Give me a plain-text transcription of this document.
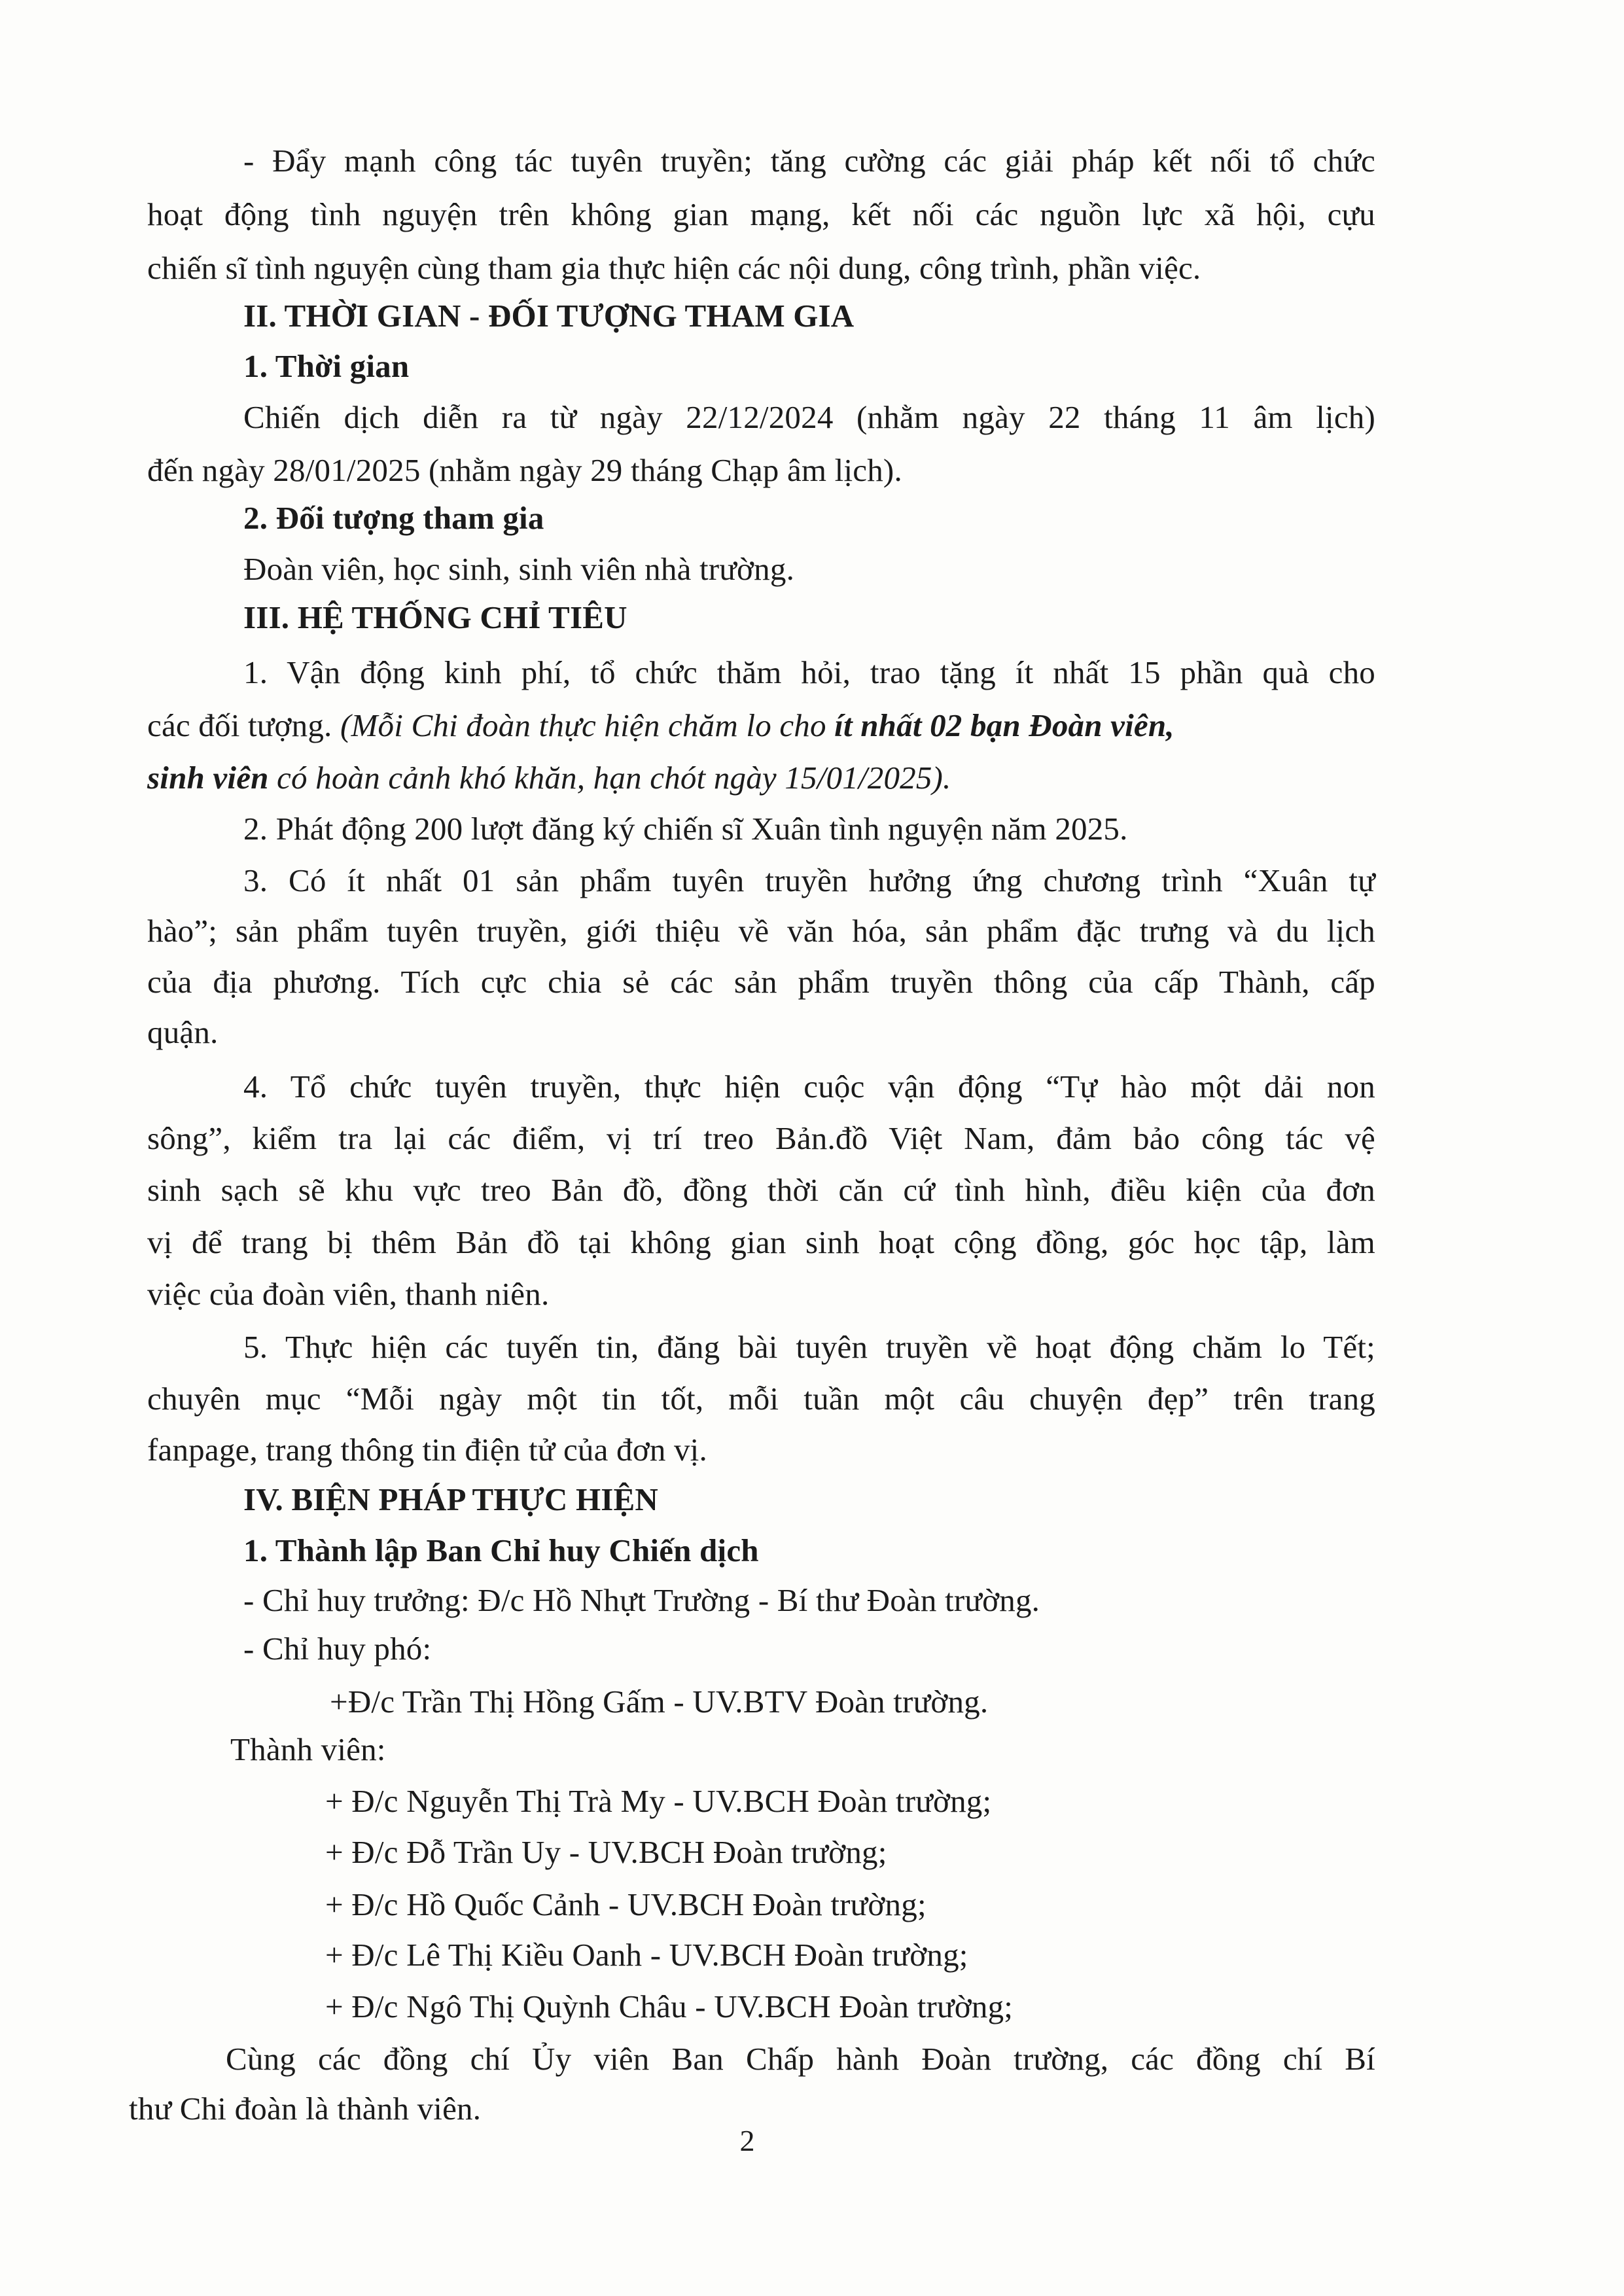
- Đẩy mạnh công tác tuyên truyền; tăng cường các giải pháp kết nối tổ chức
hoạt động tình nguyện trên không gian mạng, kết nối các nguồn lực xã hội, cựu
chiến sĩ tình nguyện cùng tham gia thực hiện các nội dung, công trình, phần việc.
II. THỜI GIAN - ĐỐI TƯỢNG THAM GIA
1. Thời gian
Chiến dịch diễn ra từ ngày 22/12/2024 (nhằm ngày 22 tháng 11 âm lịch)
đến ngày 28/01/2025 (nhằm ngày 29 tháng Chạp âm lịch).
2. Đối tượng tham gia
Đoàn viên, học sinh, sinh viên nhà trường.
III. HỆ THỐNG CHỈ TIÊU
1. Vận động kinh phí, tổ chức thăm hỏi, trao tặng ít nhất 15 phần quà cho
các đối tượng. (Mỗi Chi đoàn thực hiện chăm lo cho ít nhất 02 bạn Đoàn viên,
sinh viên có hoàn cảnh khó khăn, hạn chót ngày 15/01/2025).
2. Phát động 200 lượt đăng ký chiến sĩ Xuân tình nguyện năm 2025.
3. Có ít nhất 01 sản phẩm tuyên truyền hưởng ứng chương trình “Xuân tự
hào”; sản phẩm tuyên truyền, giới thiệu về văn hóa, sản phẩm đặc trưng và du lịch
của địa phương. Tích cực chia sẻ các sản phẩm truyền thông của cấp Thành, cấp
quận.
4. Tổ chức tuyên truyền, thực hiện cuộc vận động “Tự hào một dải non
sông”, kiểm tra lại các điểm, vị trí treo Bản.đồ Việt Nam, đảm bảo công tác vệ
sinh sạch sẽ khu vực treo Bản đồ, đồng thời căn cứ tình hình, điều kiện của đơn
vị để trang bị thêm Bản đồ tại không gian sinh hoạt cộng đồng, góc học tập, làm
việc của đoàn viên, thanh niên.
5. Thực hiện các tuyến tin, đăng bài tuyên truyền về hoạt động chăm lo Tết;
chuyên mục “Mỗi ngày một tin tốt, mỗi tuần một câu chuyện đẹp” trên trang
fanpage, trang thông tin điện tử của đơn vị.
IV. BIỆN PHÁP THỰC HIỆN
1. Thành lập Ban Chỉ huy Chiến dịch
- Chỉ huy trưởng: Đ/c Hồ Nhựt Trường - Bí thư Đoàn trường.
- Chỉ huy phó:
+Đ/c Trần Thị Hồng Gấm - UV.BTV Đoàn trường.
Thành viên:
+ Đ/c Nguyễn Thị Trà My - UV.BCH Đoàn trường;
+ Đ/c Đỗ Trần Uy - UV.BCH Đoàn trường;
+ Đ/c Hồ Quốc Cảnh - UV.BCH Đoàn trường;
+ Đ/c Lê Thị Kiều Oanh - UV.BCH Đoàn trường;
+ Đ/c Ngô Thị Quỳnh Châu - UV.BCH Đoàn trường;
Cùng các đồng chí Ủy viên Ban Chấp hành Đoàn trường, các đồng chí Bí
thư Chi đoàn là thành viên.
2
